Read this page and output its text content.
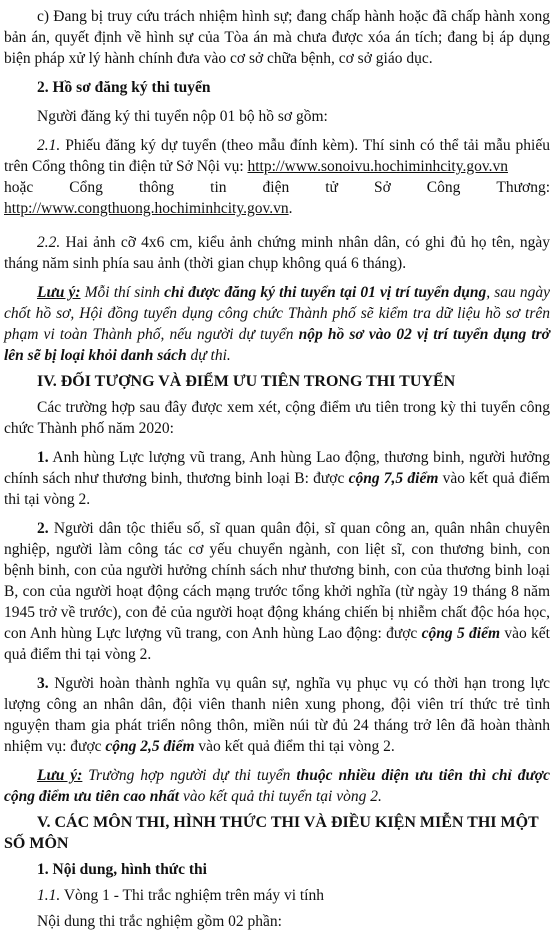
c) Đang bị truy cứu trách nhiệm hình sự; đang chấp hành hoặc đã chấp hành xong bản án, quyết định về hình sự của Tòa án mà chưa được xóa án tích; đang bị áp dụng biện pháp xử lý hành chính đưa vào cơ sở chữa bệnh, cơ sở giáo dục.

2. Hồ sơ đăng ký thi tuyển

Người đăng ký thi tuyển nộp 01 bộ hồ sơ gồm:

2.1. Phiếu đăng ký dự tuyển (theo mẫu đính kèm). Thí sinh có thể tải mẫu phiếu trên Cổng thông tin điện tử Sở Nội vụ: http://www.sonoivu.hochiminhcity.gov.vn

hoặc Cổng thông tin điện tử Sở Công Thương:

http://www.congthuong.hochiminhcity.gov.vn.

2.2. Hai ảnh cỡ 4x6 cm, kiểu ảnh chứng minh nhân dân, có ghi đủ họ tên, ngày tháng năm sinh phía sau ảnh (thời gian chụp không quá 6 tháng).

Lưu ý: Mỗi thí sinh chỉ được đăng ký thi tuyển tại 01 vị trí tuyển dụng, sau ngày chốt hồ sơ, Hội đồng tuyển dụng công chức Thành phố sẽ kiểm tra dữ liệu hồ sơ trên phạm vi toàn Thành phố, nếu người dự tuyển nộp hồ sơ vào 02 vị trí tuyển dụng trở lên sẽ bị loại khỏi danh sách dự thi.

IV. ĐỐI TƯỢNG VÀ ĐIỂM ƯU TIÊN TRONG THI TUYỂN

Các trường hợp sau đây được xem xét, cộng điểm ưu tiên trong kỳ thi tuyển công chức Thành phố năm 2020:

1. Anh hùng Lực lượng vũ trang, Anh hùng Lao động, thương binh, người hưởng chính sách như thương binh, thương binh loại B: được cộng 7,5 điểm vào kết quả điểm thi tại vòng 2.

2. Người dân tộc thiểu số, sĩ quan quân đội, sĩ quan công an, quân nhân chuyên nghiệp, người làm công tác cơ yếu chuyển ngành, con liệt sĩ, con thương binh, con bệnh binh, con của người hưởng chính sách như thương binh, con của thương binh loại B, con của người hoạt động cách mạng trước tổng khởi nghĩa (từ ngày 19 tháng 8 năm 1945 trở về trước), con đẻ của người hoạt động kháng chiến bị nhiễm chất độc hóa học, con Anh hùng Lực lượng vũ trang, con Anh hùng Lao động: được cộng 5 điểm vào kết quả điểm thi tại vòng 2.

3. Người hoàn thành nghĩa vụ quân sự, nghĩa vụ phục vụ có thời hạn trong lực lượng công an nhân dân, đội viên thanh niên xung phong, đội viên trí thức trẻ tình nguyện tham gia phát triển nông thôn, miền núi từ đủ 24 tháng trở lên đã hoàn thành nhiệm vụ: được cộng 2,5 điểm vào kết quả điểm thi tại vòng 2.

Lưu ý: Trường hợp người dự thi tuyển thuộc nhiều diện ưu tiên thì chỉ được cộng điểm ưu tiên cao nhất vào kết quả thi tuyển tại vòng 2.

V. CÁC MÔN THI, HÌNH THỨC THI VÀ ĐIỀU KIỆN MIỄN THI MỘT SỐ MÔN

1. Nội dung, hình thức thi

1.1. Vòng 1 - Thi trắc nghiệm trên máy vi tính

Nội dung thi trắc nghiệm gồm 02 phần:
